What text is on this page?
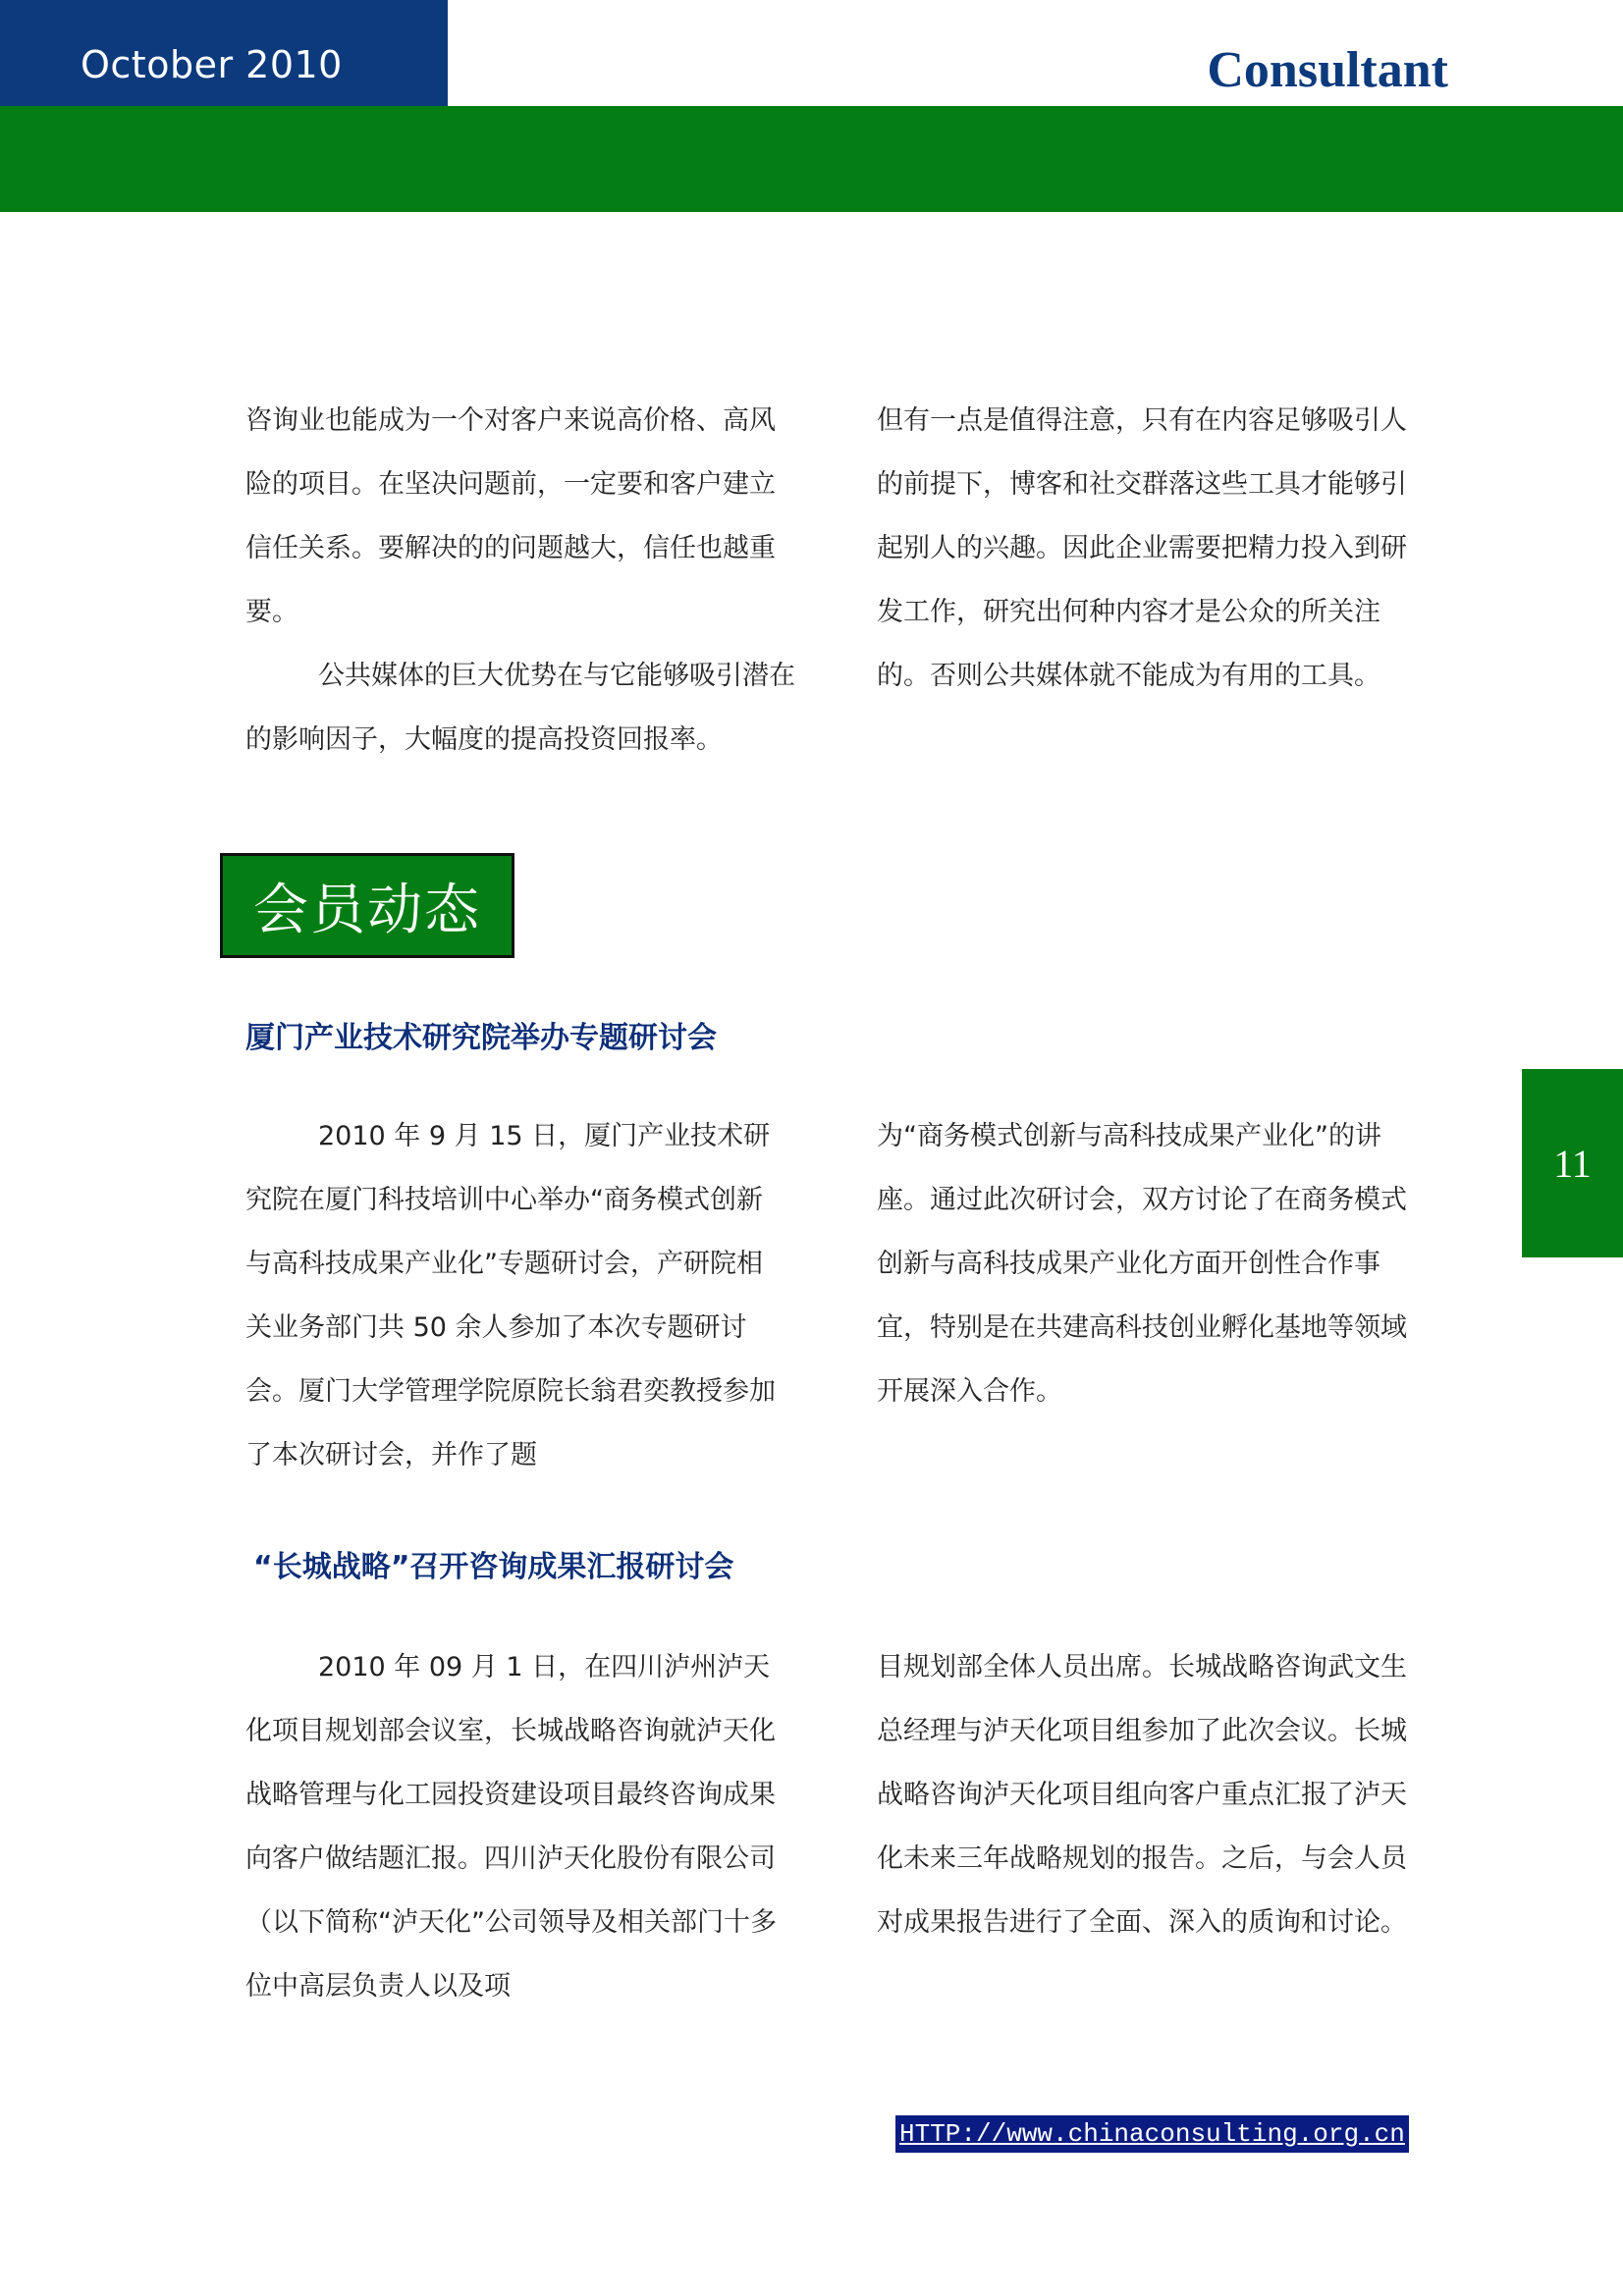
October 2010	Consultant

咨询业也能成为一个对客户来说高价格、高风险的项目。在坚决问题前，一定要和客户建立信任关系。要解决的的问题越大，信任也越重要。

公共媒体的巨大优势在与它能够吸引潜在的影响因子，大幅度的提高投资回报率。

但有一点是值得注意，只有在内容足够吸引人的前提下，博客和社交群落这些工具才能够引起别人的兴趣。因此企业需要把精力投入到研发工作，研究出何种内容才是公众的所关注的。否则公共媒体就不能成为有用的工具。

会员动态
厦门产业技术研究院举办专题研讨会
2010 年 9 月 15 日，厦门产业技术研究院在厦门科技培训中心举办“商务模式创新与高科技成果产业化”专题研讨会，产研院相关业务部门共 50 余人参加了本次专题研讨会。厦门大学管理学院原院长翁君奕教授参加了本次研讨会，并作了题
为“商务模式创新与高科技成果产业化”的讲座。通过此次研讨会，双方讨论了在商务模式创新与高科技成果产业化方面开创性合作事宜，特别是在共建高科技创业孵化基地等领域开展深入合作。
“长城战略”召开咨询成果汇报研讨会
2010 年 09 月 1 日，在四川泸州泸天化项目规划部会议室，长城战略咨询就泸天化战略管理与化工园投资建设项目最终咨询成果向客户做结题汇报。四川泸天化股份有限公司（以下简称“泸天化”公司领导及相关部门十多位中高层负责人以及项
目规划部全体人员出席。长城战略咨询武文生总经理与泸天化项目组参加了此次会议。长城战略咨询泸天化项目组向客户重点汇报了泸天化未来三年战略规划的报告。之后，与会人员对成果报告进行了全面、深入的质询和讨论。
11
HTTP://www.chinaconsulting.org.cn
